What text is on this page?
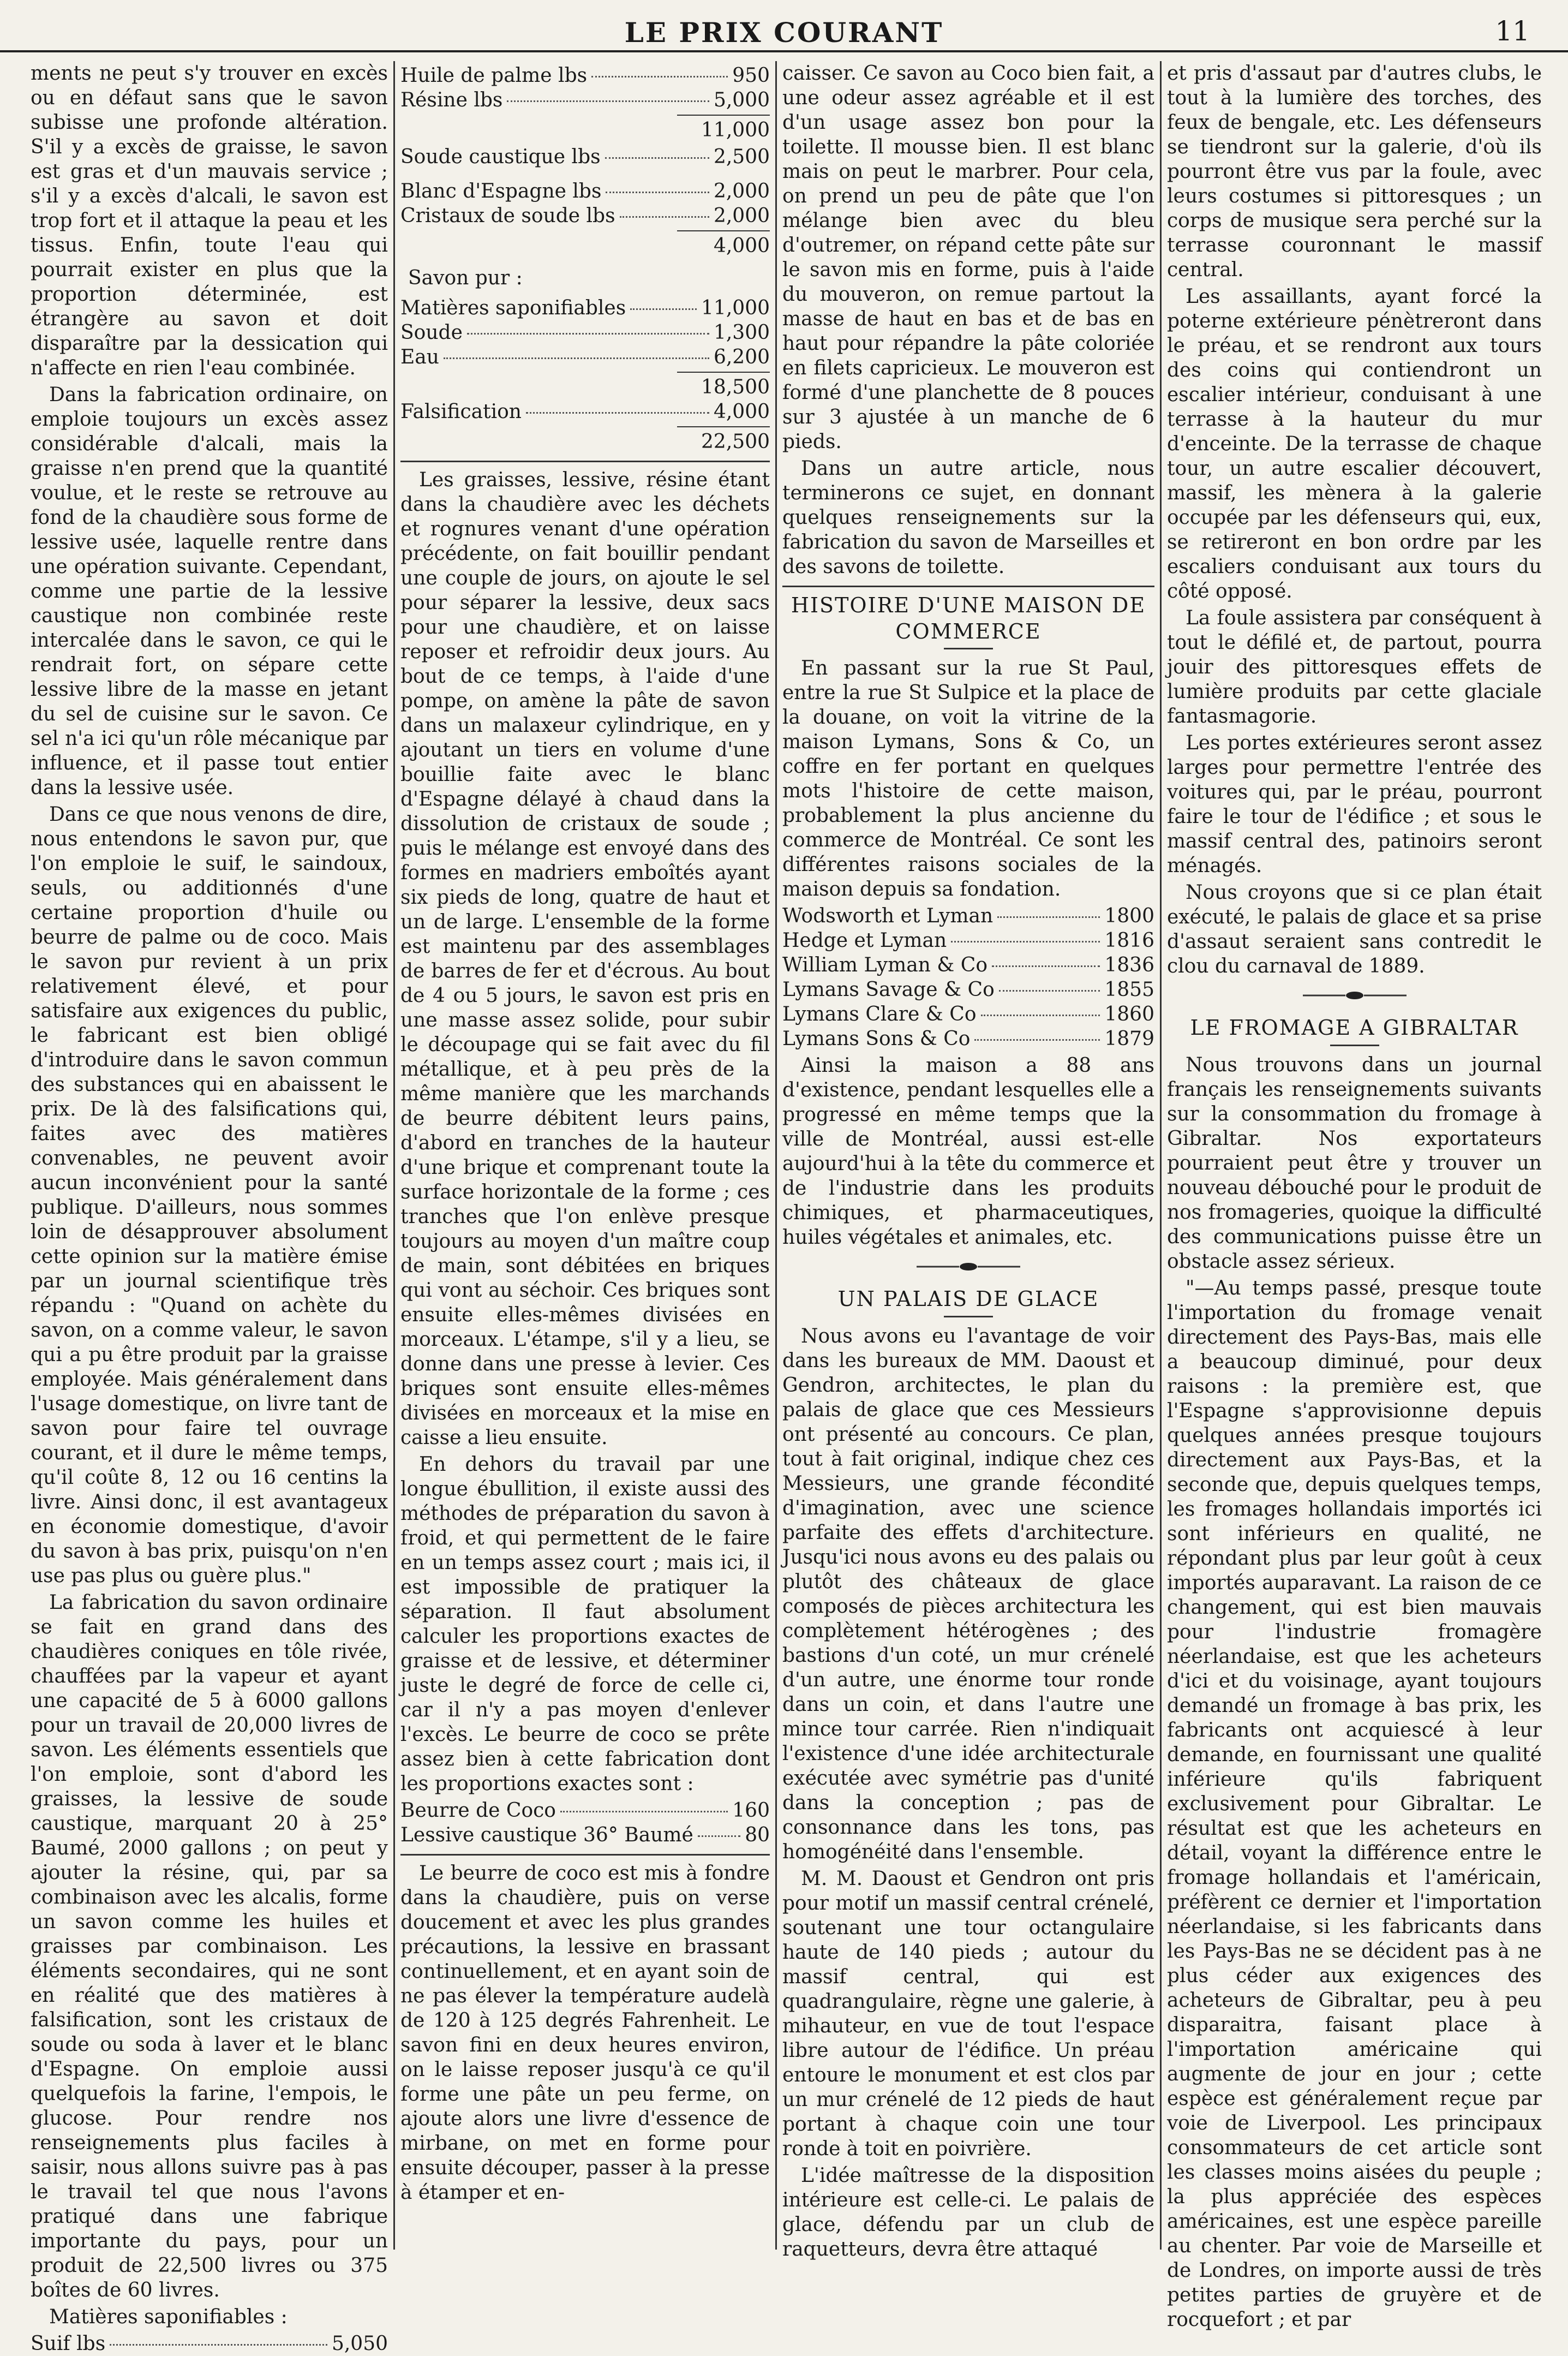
LE PRIX COURANT	11

ments ne peut s'y trouver en excès ou en défaut sans que le savon subisse une profonde altération. S'il y a excès de graisse, le savon est gras et d'un mauvais service ; s'il y a excès d'alcali, le savon est trop fort et il attaque la peau et les tissus. Enfin, toute l'eau qui pourrait exister en plus que la proportion déterminée, est étrangère au savon et doit disparaître par la dessication qui n'affecte en rien l'eau combinée.

Dans la fabrication ordinaire, on emploie toujours un excès assez considérable d'alcali, mais la graisse n'en prend que la quantité voulue, et le reste se retrouve au fond de la chaudière sous forme de lessive usée, laquelle rentre dans une opération suivante. Cependant, comme une partie de la lessive caustique non combinée reste intercalée dans le savon, ce qui le rendrait fort, on sépare cette lessive libre de la masse en jetant du sel de cuisine sur le savon. Ce sel n'a ici qu'un rôle mécanique par influence, et il passe tout entier dans la lessive usée.

Dans ce que nous venons de dire, nous entendons le savon pur, que l'on emploie le suif, le saindoux, seuls, ou additionnés d'une certaine proportion d'huile ou beurre de palme ou de coco. Mais le savon pur revient à un prix relativement élevé, et pour satisfaire aux exigences du public, le fabricant est bien obligé d'introduire dans le savon commun des substances qui en abaissent le prix. De là des falsifications qui, faites avec des matières convenables, ne peuvent avoir aucun inconvénient pour la santé publique. D'ailleurs, nous sommes loin de désapprouver absolument cette opinion sur la matière émise par un journal scientifique très répandu : "Quand on achète du savon, on a comme valeur, le savon qui a pu être produit par la graisse employée. Mais généralement dans l'usage domestique, on livre tant de savon pour faire tel ouvrage courant, et il dure le même temps, qu'il coûte 8, 12 ou 16 centins la livre. Ainsi donc, il est avantageux en économie domestique, d'avoir du savon à bas prix, puisqu'on n'en use pas plus ou guère plus."

La fabrication du savon ordinaire se fait en grand dans des chaudières coniques en tôle rivée, chauffées par la vapeur et ayant une capacité de 5 à 6000 gallons pour un travail de 20,000 livres de savon. Les éléments essentiels que l'on emploie, sont d'abord les graisses, la lessive de soude caustique, marquant 20 à 25° Baumé, 2000 gallons ; on peut y ajouter la résine, qui, par sa combinaison avec les alcalis, forme un savon comme les huiles et graisses par combinaison. Les éléments secondaires, qui ne sont en réalité que des matières à falsification, sont les cristaux de soude ou soda à laver et le blanc d'Espagne. On emploie aussi quelquefois la farine, l'empois, le glucose. Pour rendre nos renseignements plus faciles à saisir, nous allons suivre pas à pas le travail tel que nous l'avons pratiqué dans une fabrique importante du pays, pour un produit de 22,500 livres ou 375 boîtes de 60 livres.

Matières saponifiables :

Suif lbs	5,050
Huile de palme lbs	950
Résine lbs	5,000
11,000
Soude caustique lbs	2,500
Blanc d'Espagne lbs	2,000
Cristaux de soude lbs	2,000
4,000
Savon pur :
Matières saponifiables	11,000
Soude	1,300
Eau	6,200
18,500
Falsification	4,000
22,500

Les graisses, lessive, résine étant dans la chaudière avec les déchets et rognures venant d'une opération précédente, on fait bouillir pendant une couple de jours, on ajoute le sel pour séparer la lessive, deux sacs pour une chaudière, et on laisse reposer et refroidir deux jours. Au bout de ce temps, à l'aide d'une pompe, on amène la pâte de savon dans un malaxeur cylindrique, en y ajoutant un tiers en volume d'une bouillie faite avec le blanc d'Espagne délayé à chaud dans la dissolution de cristaux de soude ; puis le mélange est envoyé dans des formes en madriers emboîtés ayant six pieds de long, quatre de haut et un de large. L'ensemble de la forme est maintenu par des assemblages de barres de fer et d'écrous. Au bout de 4 ou 5 jours, le savon est pris en une masse assez solide, pour subir le découpage qui se fait avec du fil métallique, et à peu près de la même manière que les marchands de beurre débitent leurs pains, d'abord en tranches de la hauteur d'une brique et comprenant toute la surface horizontale de la forme ; ces tranches que l'on enlève presque toujours au moyen d'un maître coup de main, sont débitées en briques qui vont au séchoir. Ces briques sont ensuite elles-mêmes divisées en morceaux. L'étampe, s'il y a lieu, se donne dans une presse à levier. Ces briques sont ensuite elles-mêmes divisées en morceaux et la mise en caisse a lieu ensuite.

En dehors du travail par une longue ébullition, il existe aussi des méthodes de préparation du savon à froid, et qui permettent de le faire en un temps assez court ; mais ici, il est impossible de pratiquer la séparation. Il faut absolument calculer les proportions exactes de graisse et de lessive, et déterminer juste le degré de force de celle ci, car il n'y a pas moyen d'enlever l'excès. Le beurre de coco se prête assez bien à cette fabrication dont les proportions exactes sont :

Beurre de Coco	160
Lessive caustique 36° Baumé	80

Le beurre de coco est mis à fondre dans la chaudière, puis on verse doucement et avec les plus grandes précautions, la lessive en brassant continuellement, et en ayant soin de ne pas élever la température audelà de 120 à 125 degrés Fahrenheit. Le savon fini en deux heures environ, on le laisse reposer jusqu'à ce qu'il forme une pâte un peu ferme, on ajoute alors une livre d'essence de mirbane, on met en forme pour ensuite découper, passer à la presse à étamper et en-

caisser. Ce savon au Coco bien fait, a une odeur assez agréable et il est d'un usage assez bon pour la toilette. Il mousse bien. Il est blanc mais on peut le marbrer. Pour cela, on prend un peu de pâte que l'on mélange bien avec du bleu d'outremer, on répand cette pâte sur le savon mis en forme, puis à l'aide du mouveron, on remue partout la masse de haut en bas et de bas en haut pour répandre la pâte coloriée en filets capricieux. Le mouveron est formé d'une planchette de 8 pouces sur 3 ajustée à un manche de 6 pieds.

Dans un autre article, nous terminerons ce sujet, en donnant quelques renseignements sur la fabrication du savon de Marseilles et des savons de toilette.

HISTOIRE D'UNE MAISON DE COMMERCE

En passant sur la rue St Paul, entre la rue St Sulpice et la place de la douane, on voit la vitrine de la maison Lymans, Sons & Co, un coffre en fer portant en quelques mots l'histoire de cette maison, probablement la plus ancienne du commerce de Montréal. Ce sont les différentes raisons sociales de la maison depuis sa fondation.

Wodsworth et Lyman	1800
Hedge et Lyman	1816
William Lyman & Co	1836
Lymans Savage & Co	1855
Lymans Clare & Co	1860
Lymans Sons & Co	1879

Ainsi la maison a 88 ans d'existence, pendant lesquelles elle a progressé en même temps que la ville de Montréal, aussi est-elle aujourd'hui à la tête du commerce et de l'industrie dans les produits chimiques, et pharmaceutiques, huiles végétales et animales, etc.

UN PALAIS DE GLACE

Nous avons eu l'avantage de voir dans les bureaux de MM. Daoust et Gendron, architectes, le plan du palais de glace que ces Messieurs ont présenté au concours. Ce plan, tout à fait original, indique chez ces Messieurs, une grande fécondité d'imagination, avec une science parfaite des effets d'architecture. Jusqu'ici nous avons eu des palais ou plutôt des châteaux de glace composés de pièces architectura les complètement hétérogènes ; des bastions d'un coté, un mur crénelé d'un autre, une énorme tour ronde dans un coin, et dans l'autre une mince tour carrée. Rien n'indiquait l'existence d'une idée architecturale exécutée avec symétrie pas d'unité dans la conception ; pas de consonnance dans les tons, pas homogénéité dans l'ensemble.

M. M. Daoust et Gendron ont pris pour motif un massif central crénelé, soutenant une tour octangulaire haute de 140 pieds ; autour du massif central, qui est quadrangulaire, règne une galerie, à mihauteur, en vue de tout l'espace libre autour de l'édifice. Un préau entoure le monument et est clos par un mur crénelé de 12 pieds de haut portant à chaque coin une tour ronde à toit en poivrière.

L'idée maîtresse de la disposition intérieure est celle-ci. Le palais de glace, défendu par un club de raquetteurs, devra être attaqué

et pris d'assaut par d'autres clubs, le tout à la lumière des torches, des feux de bengale, etc. Les défenseurs se tiendront sur la galerie, d'où ils pourront être vus par la foule, avec leurs costumes si pittoresques ; un corps de musique sera perché sur la terrasse couronnant le massif central.

Les assaillants, ayant forcé la poterne extérieure pénètreront dans le préau, et se rendront aux tours des coins qui contiendront un escalier intérieur, conduisant à une terrasse à la hauteur du mur d'enceinte. De la terrasse de chaque tour, un autre escalier découvert, massif, les mènera à la galerie occupée par les défenseurs qui, eux, se retireront en bon ordre par les escaliers conduisant aux tours du côté opposé.

La foule assistera par conséquent à tout le défilé et, de partout, pourra jouir des pittoresques effets de lumière produits par cette glaciale fantasmagorie.

Les portes extérieures seront assez larges pour permettre l'entrée des voitures qui, par le préau, pourront faire le tour de l'édifice ; et sous le massif central des, patinoirs seront ménagés.

Nous croyons que si ce plan était exécuté, le palais de glace et sa prise d'assaut seraient sans contredit le clou du carnaval de 1889.

LE FROMAGE A GIBRALTAR

Nous trouvons dans un journal français les renseignements suivants sur la consommation du fromage à Gibraltar. Nos exportateurs pourraient peut être y trouver un nouveau débouché pour le produit de nos fromageries, quoique la difficulté des communications puisse être un obstacle assez sérieux.

"—Au temps passé, presque toute l'importation du fromage venait directement des Pays-Bas, mais elle a beaucoup diminué, pour deux raisons : la première est, que l'Espagne s'approvisionne depuis quelques années presque toujours directement aux Pays-Bas, et la seconde que, depuis quelques temps, les fromages hollandais importés ici sont inférieurs en qualité, ne répondant plus par leur goût à ceux importés auparavant. La raison de ce changement, qui est bien mauvais pour l'industrie fromagère néerlandaise, est que les acheteurs d'ici et du voisinage, ayant toujours demandé un fromage à bas prix, les fabricants ont acquiescé à leur demande, en fournissant une qualité inférieure qu'ils fabriquent exclusivement pour Gibraltar. Le résultat est que les acheteurs en détail, voyant la différence entre le fromage hollandais et l'américain, préfèrent ce dernier et l'importation néerlandaise, si les fabricants dans les Pays-Bas ne se décident pas à ne plus céder aux exigences des acheteurs de Gibraltar, peu à peu disparaitra, faisant place à l'importation américaine qui augmente de jour en jour ; cette espèce est généralement reçue par voie de Liverpool. Les principaux consommateurs de cet article sont les classes moins aisées du peuple ; la plus appréciée des espèces américaines, est une espèce pareille au chenter. Par voie de Marseille et de Londres, on importe aussi de très petites parties de gruyère et de rocquefort ; et par
